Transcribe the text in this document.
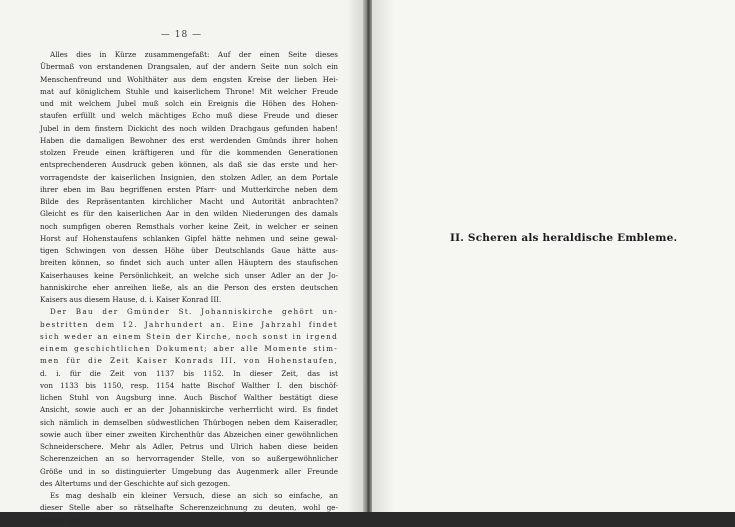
— 18 —
Alles dies in Kürze zusammengefaßt: Auf der einen Seite dieses
Übermaß von erstandenen Drangsalen, auf der andern Seite nun solch ein
Menschenfreund und Wohlthäter aus dem engsten Kreise der lieben Hei-
mat auf königlichem Stuhle und kaiserlichem Throne! Mit welcher Freude
und mit welchem Jubel muß solch ein Ereignis die Höhen des Hohen-
staufen erfüllt und welch mächtiges Echo muß diese Freude und dieser
Jubel in dem finstern Dickicht des noch wilden Drachgaus gefunden haben!
Haben die damaligen Bewohner des erst werdenden Gmünds ihrer hohen
stolzen Freude einen kräftigeren und für die kommenden Generationen
entsprechenderen Ausdruck geben können, als daß sie das erste und her-
vorragendste der kaiserlichen Insignien, den stolzen Adler, an dem Portale
ihrer eben im Bau begriffenen ersten Pfarr- und Mutterkirche neben dem
Bilde des Repräsentanten kirchlicher Macht und Autorität anbrachten?
Gleicht es für den kaiserlichen Aar in den wilden Niederungen des damals
noch sumpfigen oberen Remsthals vorher keine Zeit, in welcher er seinen
Horst auf Hohenstaufens schlanken Gipfel hätte nehmen und seine gewal-
tigen Schwingen von dessen Höhe über Deutschlands Gaue hätte aus-
breiten können, so findet sich auch unter allen Häuptern des staufischen
Kaiserhauses keine Persönlichkeit, an welche sich unser Adler an der Jo-
hanniskirche eher anreihen ließe, als an die Person des ersten deutschen
Kaisers aus diesem Hause, d. i. Kaiser Konrad III.
Der Bau der Gmünder St. Johanniskirche gehört un-
bestritten dem 12. Jahrhundert an. Eine Jahrzahl findet
sich weder an einem Stein der Kirche, noch sonst in irgend
einem geschichtlichen Dokument; aber alle Momente stim-
men für die Zeit Kaiser Konrads III. von Hohenstaufen,
d. i. für die Zeit von 1137 bis 1152. In dieser Zeit, das ist
von 1133 bis 1150, resp. 1154 hatte Bischof Walther I. den bischöf-
lichen Stuhl von Augsburg inne. Auch Bischof Walther bestätigt diese
Ansicht, sowie auch er an der Johanniskirche verherrlicht wird. Es findet
sich nämlich in demselben südwestlichen Thürbogen neben dem Kaiseradler,
sowie auch über einer zweiten Kirchenthür das Abzeichen einer gewöhnlichen
Schneiderschere. Mehr als Adler, Petrus und Ulrich haben diese beiden
Scherenzeichen an so hervorragender Stelle, von so außergewöhnlicher
Größe und in so distinguierter Umgebung das Augenmerk aller Freunde
des Altertums und der Geschichte auf sich gezogen.
Es mag deshalb ein kleiner Versuch, diese an sich so einfache, an
dieser Stelle aber so rätselhafte Scherenzeichnung zu deuten, wohl ge-
stattet sein!
II. Scheren als heraldische Embleme.
